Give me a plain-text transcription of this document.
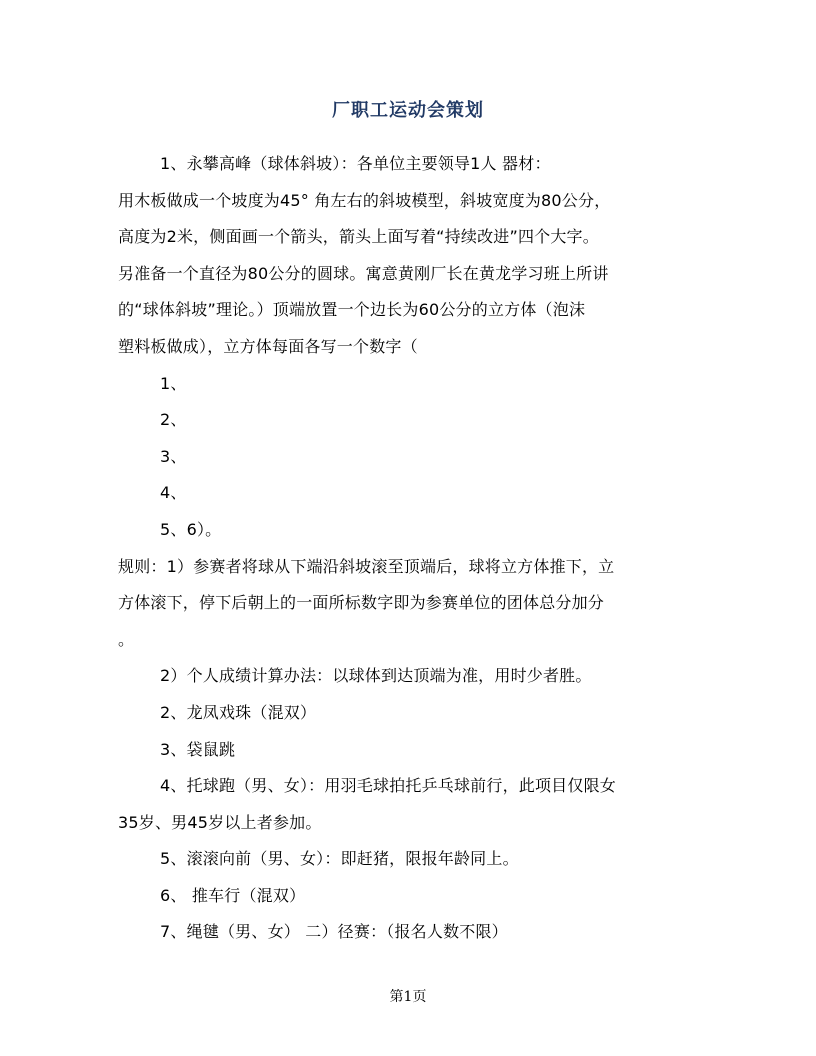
厂职工运动会策划

1、永攀高峰（球体斜坡）：各单位主要领导1人 器材：

用木板做成一个坡度为45° 角左右的斜坡模型，斜坡宽度为80公分，

高度为2米，侧面画一个箭头，箭头上面写着“持续改进”四个大字。

另准备一个直径为80公分的圆球。寓意黄刚厂长在黄龙学习班上所讲

的“球体斜坡”理论。）顶端放置一个边长为60公分的立方体（泡沫

塑料板做成），立方体每面各写一个数字（

1、

2、

3、

4、

5、6）。

规则：1）参赛者将球从下端沿斜坡滚至顶端后，球将立方体推下，立

方体滚下，停下后朝上的一面所标数字即为参赛单位的团体总分加分

。

2）个人成绩计算办法：以球体到达顶端为准，用时少者胜。

2、龙凤戏珠（混双）

3、袋鼠跳

4、托球跑（男、女）：用羽毛球拍托乒乓球前行，此项目仅限女

35岁、男45岁以上者参加。

5、滚滚向前（男、女）：即赶猪，限报年龄同上。

6、 推车行（混双）

7、绳毽（男、女） 二）径赛：（报名人数不限）

第1页
